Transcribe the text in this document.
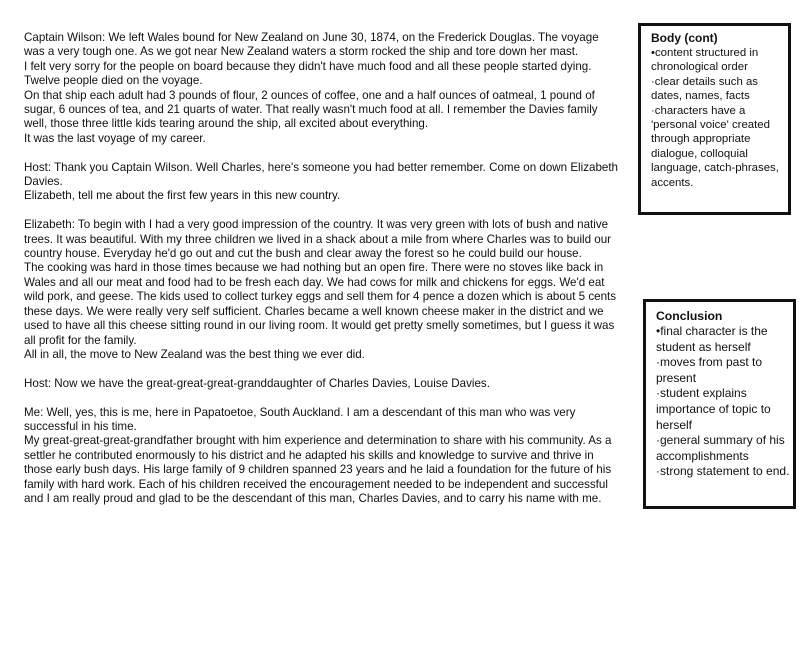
Captain Wilson: We left Wales bound for New Zealand on June 30, 1874, on the Frederick Douglas. The voyage was a very tough one. As we got near New Zealand waters a storm rocked the ship and tore down her mast.

I felt very sorry for the people on board because they didn't have much food and all these people started dying. Twelve people died on the voyage.

On that ship each adult had 3 pounds of flour, 2 ounces of coffee, one and a half ounces of oatmeal, 1 pound of sugar, 6 ounces of tea, and 21 quarts of water. That really wasn't much food at all. I remember the Davies family well, those three little kids tearing around the ship, all excited about everything.

It was the last voyage of my career.

Host: Thank you Captain Wilson. Well Charles, here's someone you had better remember. Come on down Elizabeth Davies.

Elizabeth, tell me about the first few years in this new country.

Elizabeth: To begin with I had a very good impression of the country. It was very green with lots of bush and native trees. It was beautiful. With my three children we lived in a shack about a mile from where Charles was to build our country house. Everyday he'd go out and cut the bush and clear away the forest so he could build our house.

The cooking was hard in those times because we had nothing but an open fire. There were no stoves like back in Wales and all our meat and food had to be fresh each day. We had cows for milk and chickens for eggs. We'd eat wild pork, and geese. The kids used to collect turkey eggs and sell them for 4 pence a dozen which is about 5 cents these days. We were really very self sufficient. Charles became a well known cheese maker in the district and we used to have all this cheese sitting round in our living room. It would get pretty smelly sometimes, but I guess it was all profit for the family.

All in all, the move to New Zealand was the best thing we ever did.

Host: Now we have the great-great-great-granddaughter of Charles Davies, Louise Davies.

Me: Well, yes, this is me, here in Papatoetoe, South Auckland. I am a descendant of this man who was very successful in his time.

My great-great-great-grandfather brought with him experience and determination to share with his community. As a settler he contributed enormously to his district and he adapted his skills and knowledge to survive and thrive in those early bush days. His large family of 9 children spanned 23 years and he laid a foundation for the future of his family with hard work. Each of his children received the encouragement needed to be independent and successful and I am really proud and glad to be the descendant of this man, Charles Davies, and to carry his name with me.

Body (cont)
•content structured in chronological order
·clear details such as dates, names, facts
·characters have a 'personal voice' created through appropriate dialogue, colloquial language, catch-phrases, accents.
Conclusion
•final character is the student as herself
·moves from past to present
·student explains importance of topic to herself
·general summary of his accomplishments
·strong statement to end.
